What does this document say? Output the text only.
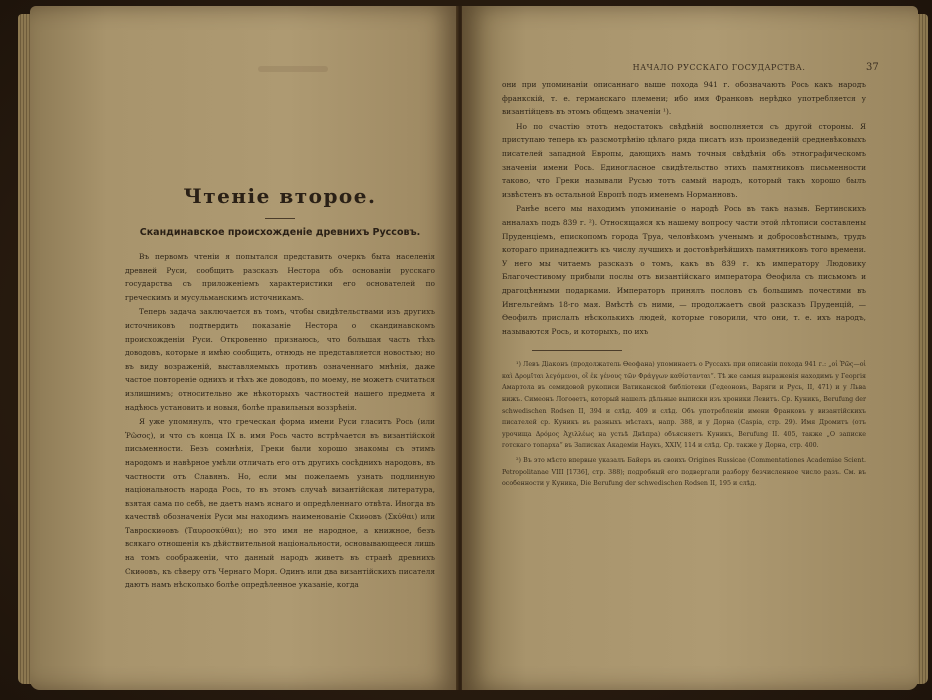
Чтеніе второе.
Скандинавское происхожденіе древнихъ Руссовъ.

Въ первомъ чтеніи я попытался представить очеркъ быта населенія древней Руси, сообщить разсказъ Нестора объ основаніи русскаго государства съ приложеніемъ характеристики его основателей по греческимъ и мусульманскимъ источникамъ.

Теперь задача заключается въ томъ, чтобы свидѣтельствами изъ другихъ источниковъ подтвердить показаніе Нестора о скандинавскомъ происхожденіи Руси. Откровенно признаюсь, что большая часть тѣхъ доводовъ, которые я имѣю сообщить, отнюдь не представляется новостью; но въ виду возраженій, выставляемыхъ противъ означеннаго мнѣнія, даже частое повтореніе однихъ и тѣхъ же доводовъ, по моему, не можетъ считаться излишнимъ; относительно же нѣкоторыхъ частностей нашего предмета я надѣюсь установить и новыя, болѣе правильныя воззрѣнія.

Я уже упомянулъ, что греческая форма имени Руси гласитъ Рось (или Ῥῶσος), и что съ конца IX в. имя Рось часто встрѣчается въ византійской письменности. Безъ сомнѣнія, Греки были хорошо знакомы съ этимъ народомъ и навѣрное умѣли отличать его отъ другихъ сосѣднихъ народовъ, въ частности отъ Славянъ. Но, если мы пожелаемъ узнать подлинную національность народа Рось, то въ этомъ случаѣ византійская литература, взятая сама по себѣ, не даетъ намъ яснаго и опредѣленнаго отвѣта. Иногда въ качествѣ обозначенія Руси мы находимъ наименованіе Скиѳовъ (Σκύθαι) или Тавроскиѳовъ (Ταυροσκύθαι); но это имя не народное, а книжное, безъ всякаго отношенія къ дѣйствительной національности, основывающееся лишь на томъ соображеніи, что данный народъ живетъ въ странѣ древнихъ Скиѳовъ, къ сѣверу отъ Чернаго Моря. Одинъ или два византійскихъ писателя даютъ намъ нѣсколько болѣе опредѣленное указаніе, когда

НАЧАЛО РУССКАГО ГОСУДАРСТВА.	37

они при упоминаніи описаннаго выше похода 941 г. обозначають Рось какъ народъ франкскій, т. е. германскаго племени; ибо имя Франковъ нерѣдко употребляется у византійцевъ въ этомъ общемъ значеніи ¹).

Но по счастію этотъ недостатокъ свѣдѣній восполняется съ другой стороны. Я приступаю теперь къ разсмотрѣнію цѣлаго ряда писатъ изъ произведеній средневѣковыхъ писателей западной Европы, дающихъ намъ точныя свѣдѣнія объ этнографическомъ значеніи имени Рось. Единогласное свидѣтельство этихъ памятниковъ письменности таково, что Греки называли Русью тотъ самый народъ, который такъ хорошо былъ извѣстенъ въ остальной Европѣ подъ именемъ Норманновъ.

Ранѣе всего мы находимъ упоминаніе о народѣ Рось въ такъ назыв. Бертинскихъ анналахъ подъ 839 г. ²). Относящаяся къ нашему вопросу части этой лѣтописи составлены Пруденціемъ, епископомъ города Труа, человѣкомъ ученымъ и добросовѣстнымъ, трудъ котораго принадлежитъ къ числу лучшихъ и достовѣрнѣйшихъ памятниковъ того времени. У него мы читаемъ разсказъ о томъ, какъ въ 839 г. къ императору Людовику Благочестивому прибыли послы отъ византійскаго императора Ѳеофила съ письмомъ и драгоцѣнными подарками. Императоръ принялъ пословъ съ большимъ почестями въ Ингельгеймъ 18-го мая. Вмѣстѣ съ ними, — продолжаетъ свой разсказъ Пруденцій, — Ѳеофилъ прислалъ нѣсколькихъ людей, которые говорили, что они, т. е. ихъ народъ, называются Рось, и которыхъ, по ихъ

¹) Левъ Діаконъ (продолжатель Ѳеофана) упоминаетъ о Руссахъ при описаніи похода 941 г.: „οἱ Ῥῶς—οἱ καὶ Δρομῖται λεγόμενοι, οἳ ἐκ γένους τῶν Φράγγων καθίστανται“. Тѣ же самыя выраженія находимъ у Георгія Амартола въ семидовой рукописи Ватиканской библіотеки (Гедеоновъ, Варяги и Русь, II, 471) и у Льва нижъ. Симеонъ Логоѳетъ, который нашелъ дѣльные выписки изъ хроники Левитъ. Ср. Куникъ, Berufung der schwedischen Rodsen II, 394 и слѣд. 409 и слѣд. Объ употребленіи имени Франковъ у византійскихъ писателей ср. Куникъ въ разныхъ мѣстахъ, напр. 388, и у Дорна (Caspia, стр. 29). Имя Дромитъ (отъ урочища Δρόμος Ἀχιλλέως на устьѣ Днѣпра) объясняетъ Куникъ, Berufung II. 405, также „О записке готскаго топарха“ въ Записках Академіи Наукъ, XXIV, 114 и слѣд. Ср. также у Дорна, стр. 400.

²) Въ это мѣсто впервые указалъ Байеръ въ своихъ Origines Russicae (Commentationes Academiae Scient. Petropolitanae VIII [1736], стр. 388); подробный его подвергали разбору безчисленное число разъ. См. въ особенности у Куника, Die Berufung der schwedischen Rodsen II, 195 и слѣд.
